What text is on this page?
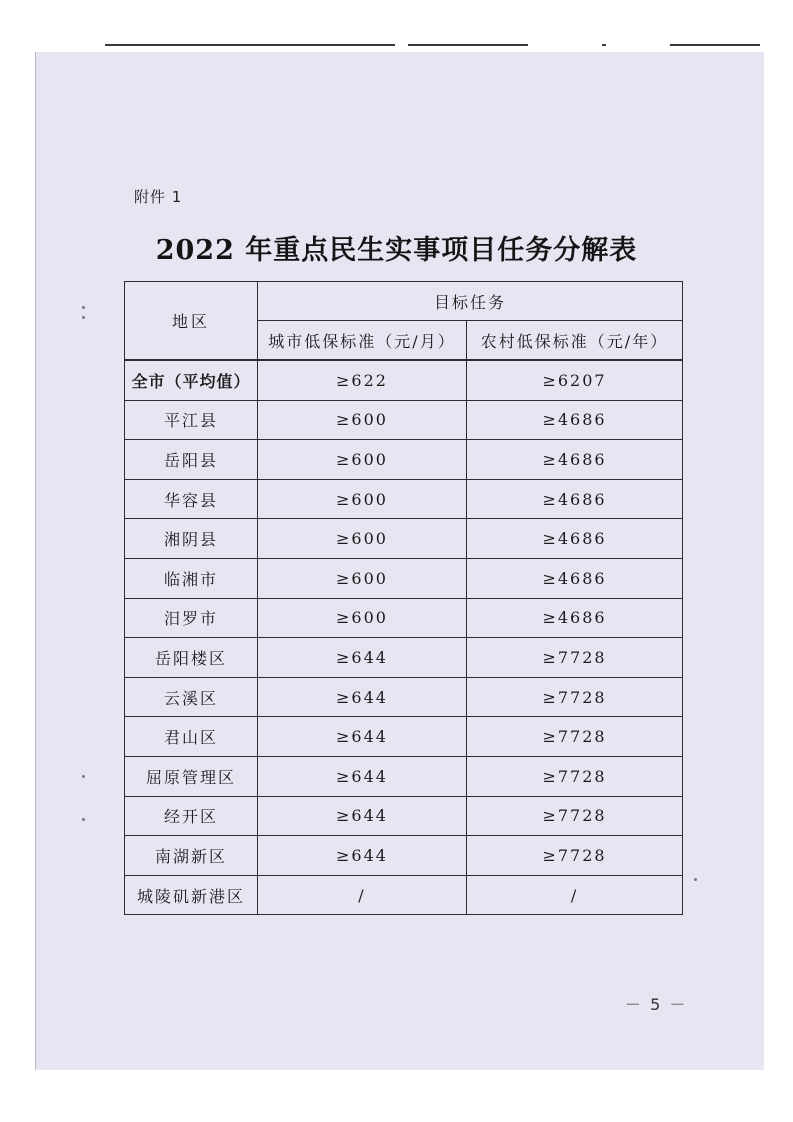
附件 1
2022 年重点民生实事项目任务分解表
地区	目标任务	
	城市低保标准（元/月）	农村低保标准（元/年）
全市（平均值）	≥622	≥6207
平江县	≥600	≥4686
岳阳县	≥600	≥4686
华容县	≥600	≥4686
湘阴县	≥600	≥4686
临湘市	≥600	≥4686
汨罗市	≥600	≥4686
岳阳楼区	≥644	≥7728
云溪区	≥644	≥7728
君山区	≥644	≥7728
屈原管理区	≥644	≥7728
经开区	≥644	≥7728
南湖新区	≥644	≥7728
城陵矶新港区	/	/
－ 5 －
